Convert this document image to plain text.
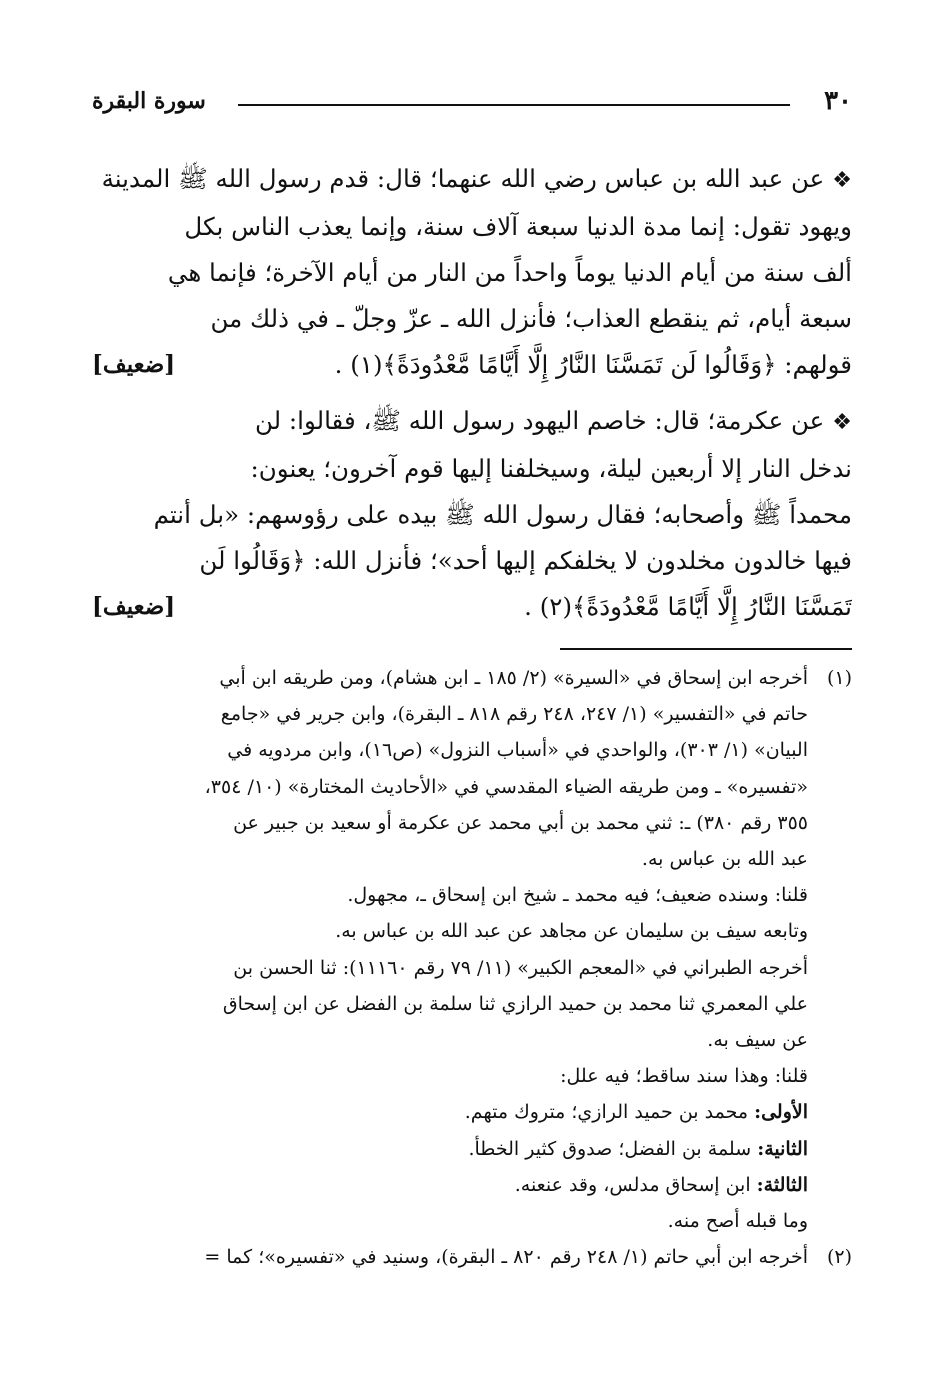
٣٠
سورة البقرة
❖عن عبد الله بن عباس رضي الله عنهما؛ قال: قدم رسول الله ﷺ المدينة
ويهود تقول: إنما مدة الدنيا سبعة آلاف سنة، وإنما يعذب الناس بكل
ألف سنة من أيام الدنيا يوماً واحداً من النار من أيام الآخرة؛ فإنما هي
سبعة أيام، ثم ينقطع العذاب؛ فأنزل الله ـ عزّ وجلّ ـ في ذلك من
قولهم: ﴿وَقَالُوا لَن تَمَسَّنَا النَّارُ إِلَّا أَيَّامًا مَّعْدُودَةً﴾(١) .
[ضعيف]
❖عن عكرمة؛ قال: خاصم اليهود رسول الله ﷺ، فقالوا: لن
ندخل النار إلا أربعين ليلة، وسيخلفنا إليها قوم آخرون؛ يعنون:
محمداً ﷺ وأصحابه؛ فقال رسول الله ﷺ بيده على رؤوسهم: «بل أنتم
فيها خالدون مخلدون لا يخلفكم إليها أحد»؛ فأنزل الله: ﴿وَقَالُوا لَن
تَمَسَّنَا النَّارُ إِلَّا أَيَّامًا مَّعْدُودَةً﴾(٢) .
[ضعيف]
(١)أخرجه ابن إسحاق في «السيرة» (٢/ ١٨٥ ـ ابن هشام)، ومن طريقه ابن أبي
حاتم في «التفسير» (١/ ٢٤٧، ٢٤٨ رقم ٨١٨ ـ البقرة)، وابن جرير في «جامع
البيان» (١/ ٣٠٣)، والواحدي في «أسباب النزول» (ص١٦)، وابن مردويه في
«تفسيره» ـ ومن طريقه الضياء المقدسي في «الأحاديث المختارة» (١٠/ ٣٥٤،
٣٥٥ رقم ٣٨٠) ـ: ثني محمد بن أبي محمد عن عكرمة أو سعيد بن جبير عن
عبد الله بن عباس به.
قلنا: وسنده ضعيف؛ فيه محمد ـ شيخ ابن إسحاق ـ، مجهول.
وتابعه سيف بن سليمان عن مجاهد عن عبد الله بن عباس به.
أخرجه الطبراني في «المعجم الكبير» (١١/ ٧٩ رقم ١١١٦٠): ثنا الحسن بن
علي المعمري ثنا محمد بن حميد الرازي ثنا سلمة بن الفضل عن ابن إسحاق
عن سيف به.
قلنا: وهذا سند ساقط؛ فيه علل:
الأولى: محمد بن حميد الرازي؛ متروك متهم.
الثانية: سلمة بن الفضل؛ صدوق كثير الخطأ.
الثالثة: ابن إسحاق مدلس، وقد عنعنه.
وما قبله أصح منه.
(٢)أخرجه ابن أبي حاتم (١/ ٢٤٨ رقم ٨٢٠ ـ البقرة)، وسنيد في «تفسيره»؛ كما =
